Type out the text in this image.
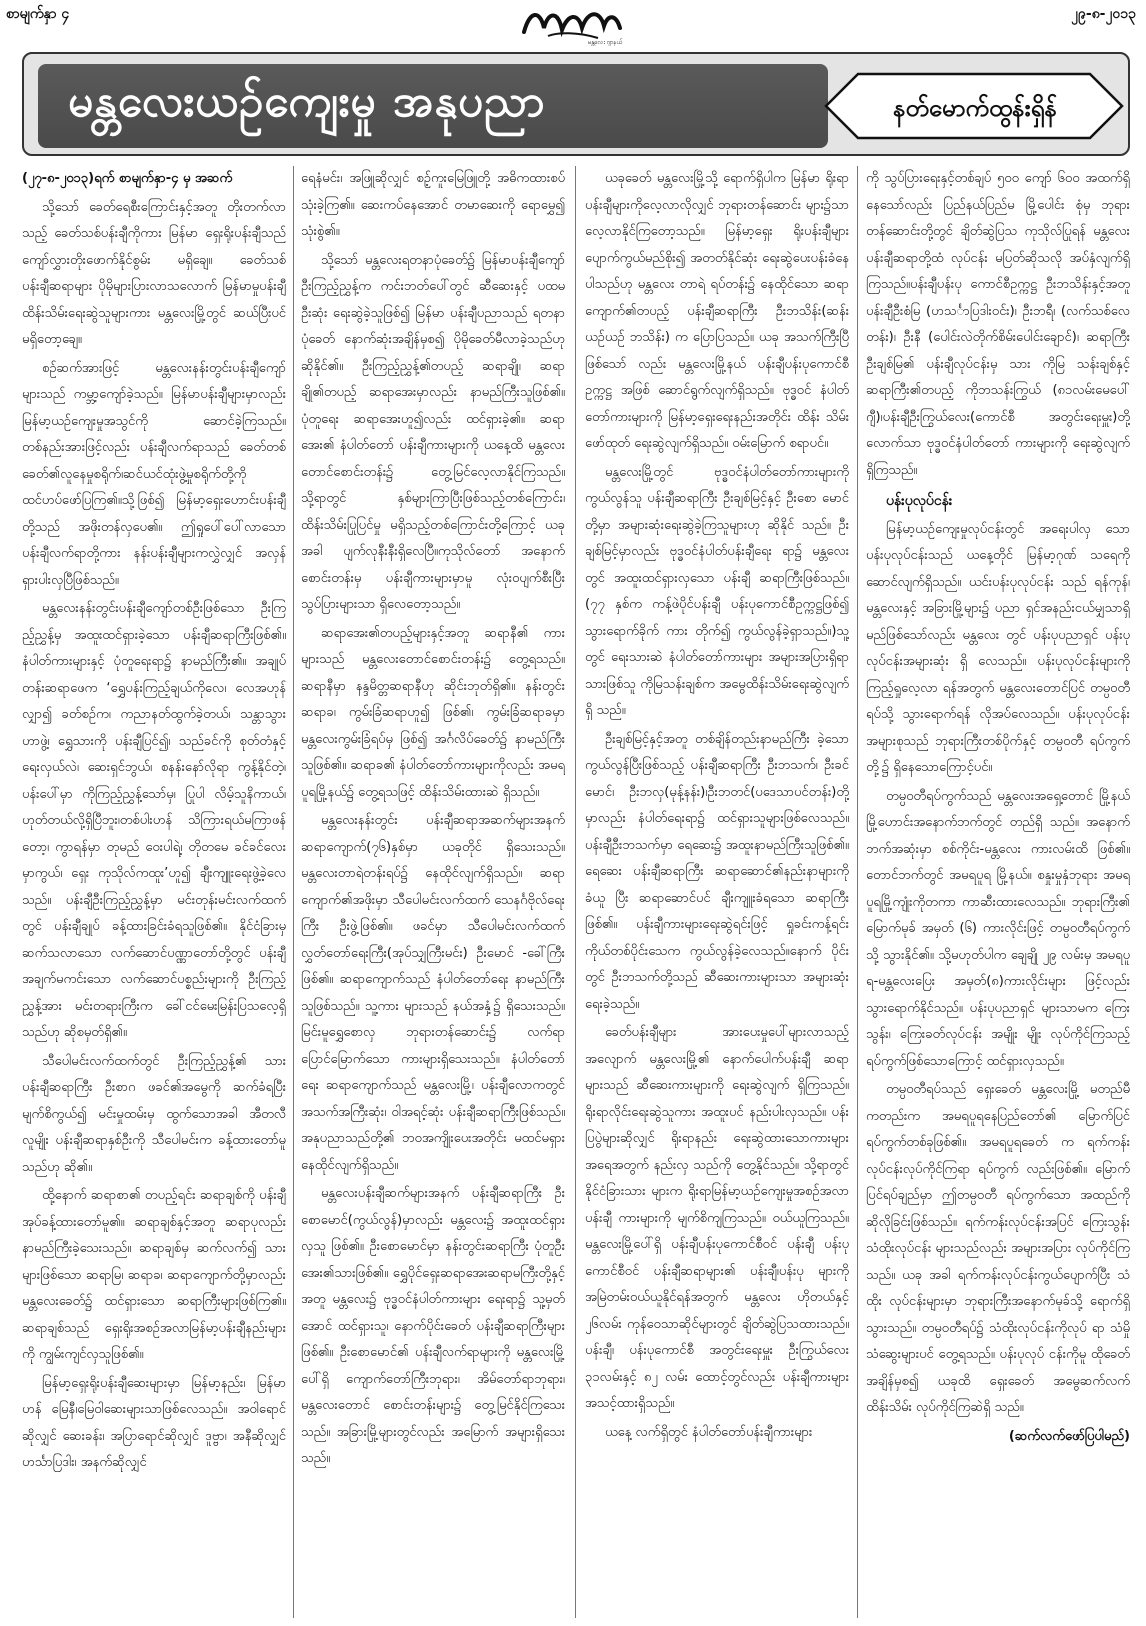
စာမျက်နှာ ၄
မန္တလေး ဂျာနယ်
၂၉-၈-၂၀၁၃
မန္တလေးယဉ်ကျေးမှု အနုပညာ	နတ်မောက်ထွန်းရှိန်

(၂၇-၈-၂၀၁၃)ရက် စာမျက်နှာ-၄ မှ အဆက်

သို့သော် ခေတ်ရေစီးကြောင်းနှင့်အတူ တိုးတက်လာသည့် ခေတ်သစ်ပန်းချီကိုကား မြန်မာ ရှေးရိုးပန်းချီသည် ကျော်လွှားတိုးဖောက်နိုင်စွမ်း မရှိချေ။ ခေတ်သစ်ပန်းချီဆရာများ ပိုမိုများပြားလာသလောက် မြန်မာမှုပန်းချီထိန်းသိမ်းရေးဆွဲသူများကား မန္တလေးမြို့တွင် ဆယ်ပြီးပင် မရှိတော့ချေ။

စဉ်ဆက်အားဖြင့် မန္တလေးနန်းတွင်းပန်းချီကျော်များသည် ကမ္ဘာ့ကျော်ခဲ့သည်။ မြန်မာပန်းချီများမှာလည်း မြန်မာ့ယဉ်ကျေးမှုအသွင်ကို ဆောင်ခဲ့ကြသည်။ တစ်နည်းအားဖြင့်လည်း ပန်းချီလက်ရာသည် ခေတ်တစ်ခေတ်၏လူနေမှုစရိုက်၊ဆင်ယင်ထုံးဖွဲ့မှုစရိုက်တို့ကို ထင်ဟပ်ဖော်ပြကြ၏။သို့ဖြစ်၍ မြန်မာ့ရှေးဟောင်းပန်းချီတို့သည် အဖိုးတန်လှပေ၏။ ဤရှုပေါ်ပေါ်လာသော ပန်းချီလက်ရာတို့ကား နန်းပန်းချီများကလွှဲလျှင် အလှန်ရှားပါးလှပြီဖြစ်သည်။

မန္တလေးနန်းတွင်းပန်းချီကျော်တစ်ဦးဖြစ်သော ဦးကြည့်ညွှန့်မှ အထူးထင်ရှားခဲ့သော ပန်းချီဆရာကြီးဖြစ်၏။ နံပါတ်ကားများနှင့် ပုံတူရေးရာ၌ နာမည်ကြီး၏။ အချုပ်တန်းဆရာဖေက ‘ရွှေပန်းကြည့်ချယ်ကိုလေ၊ လေအဟုန်လျှာ၍ ခတ်စဉ်က၊ ကညာနတ်ထွက်ခဲ့တယ်၊ သန္တာသွားဟာဖွဲ့၊ ရွှေသားကို ပန်းချီပြင်၍၊ သည်ခင်ကို စုတ်တံနှင့် ရေးလှယ်လဲ၊ ဆေးရှင်ဘွယ်၊ စနန်းနော်လိုရာ ကွန့်နိုင်တဲ့၊ ပန်းပေါ်မှာ ကိုကြည့်ညွှန့်သော်မှ၊ ပြုပါ လိမ့်သူနိကာယ်၊ဟုတ်တယ်လို့ရှိပြီဘူး၊တစ်ပါးဟန် သိကြားရယ်မကြာဖန်တော့၊ ကွာရန်မှာ တုမည် ဝေးပါရဲ့၊ တိုတမေ ခင်ခင်လေးမှာကွယ်၊ ရှေး ကုသိုလ်ကထူး’ဟူ၍ ချီးကျူးရေးဖွဲ့ခဲ့လေသည်။ ပန်းချီဦးကြည့်ညွှန့်မှာ မင်းတုန်းမင်းလက်ထက် တွင် ပန်းချီချုပ် ခန့်ထားခြင်းခံရသူဖြစ်၏။ နိုင်ငံခြားမှ ဆက်သလာသော လက်ဆောင်ပဏ္ဏာတော်တို့တွင် ပန်းချီအချက်မကင်းသော လက်ဆောင်ပစ္စည်းများကို ဦးကြည့်ညွှန့်အား မင်းတရားကြီးက ခေါ်ငင်မေးမြန်းပြသလေ့ရှိသည်ဟု ဆိုစမှတ်ရှိ၏။

သီပေါမင်းလက်ထက်တွင် ဦးကြည့်ညွှန့်၏ သား ပန်းချီဆရာကြီး ဦးစာဂ ဖခင်၏အမွေကို ဆက်ခံရပြီး မျက်စိကွယ်၍ မင်းမှုထမ်းမှ ထွက်သောအခါ အီတလီလူမျိုး ပန်းချီဆရာနှစ်ဦးကို သီပေါမင်းက ခန့်ထားတော်မူသည်ဟု ဆို၏။

ထို့နောက် ဆရာစာ၏ တပည့်ရင်း ဆရာချစ်ကို ပန်းချီအုပ်ခန့်ထားတော်မူ၏။ ဆရာချစ်နှင့်အတူ ဆရာပုလည်း နာမည်ကြီးခဲ့သေးသည်။ ဆရာချစ်မှ ဆက်လက်၍ သားများဖြစ်သော ဆရာမြ၊ ဆရာခ၊ ဆရာကျောက်တို့မှာလည်း မန္တလေးခေတ်၌ ထင်ရှားသော ဆရာကြီးများဖြစ်ကြ၏။ ဆရာချစ်သည် ရှေးရိုးအစဉ်အလာမြန်မာ့ပန်းချီနည်းများကို ကျွမ်းကျင်လှသူဖြစ်၏။

မြန်မာ့ရှေးရိုးပန်းချီဆေးများမှာ မြန်မာ့နည်း၊ မြန်မာဟန် မြေနီ၊မြေဝါဆေးများသာဖြစ်လေသည်။ အဝါရောင်ဆိုလျှင် ဆေးခန်း၊ အပြာရောင်ဆိုလျှင် ဒူဗ္ဗာ၊ အနီဆိုလျှင် ဟင်္သာပြဒါး၊ အနက်ဆိုလျှင်

ရေနံမင်း၊ အဖြူဆိုလျှင် စဉ့်ကူးမြေဖြူတို့ အဓိကထားစပ်သုံးခဲ့ကြ၏။ ဆေးကပ်နေအောင် တမာဆေးကို ရောမွှေ၍ သုံးစွဲ၏။

သို့သော် မန္တလေးရတနာပုံခေတ်၌ မြန်မာပန်းချီကျော်ဦးကြည့်ညွှန့်က ကင်းဘတ်ပေါ်တွင် ဆီဆေးနှင့် ပထမဦးဆုံး ရေးဆွဲခဲ့သူဖြစ်၍ မြန်မာ ပန်းချီပညာသည် ရတနာပုံခေတ် နောက်ဆုံးအချိန်မှစ၍ ပိုမိုခေတ်မီလာခဲ့သည်ဟု ဆိုနိုင်၏။ ဦးကြည့်ညွှန့်၏တပည့် ဆရာချို၊ ဆရာချို၏တပည့် ဆရာအေးမှာလည်း နာမည်ကြီးသူဖြစ်၏။ ပုံတူရေး ဆရာအေးဟူ၍လည်း ထင်ရှားခဲ့၏။ ဆရာအေး၏ နံပါတ်တော် ပန်းချီကားများကို ယနေ့ထိ မန္တလေးတောင်စောင်းတန်း၌ တွေ့မြင်လေ့လာနိုင်ကြသည်။ သို့ရာတွင် နှစ်များကြာပြီးဖြစ်သည့်တစ်ကြောင်း၊ ထိန်းသိမ်းပြုပြင်မှု မရှိသည့်တစ်ကြောင်းတို့ကြောင့် ယခုအခါ ပျက်လုနီးနီးရှိလေပြီ။ကုသိုလ်တော် အနောက်စောင်းတန်းမှ ပန်းချီကားများမှာမူ လုံးဝပျက်စီးပြီး သွပ်ပြားများသာ ရှိလေတော့သည်။

ဆရာအေး၏တပည့်များနှင့်အတူ ဆရာနီ၏ ကားများသည် မန္တလေးတောင်စောင်းတန်း၌ တွေ့ရသည်။ ဆရာနီမှာ နန္ဒမိတ္တဆရာနီဟု ဆိုင်းဘုတ်ရှိ၏။ နန်းတွင်းဆရာခ၊ ကွမ်းခြံဆရာဟူ၍ ဖြစ်၏၊ ကွမ်းခြံဆရာခမှာ မန္တလေးကွမ်းခြံရပ်မှ ဖြစ်၍ အင်္ဂလိပ်ခေတ်၌ နာမည်ကြီးသူဖြစ်၏။ ဆရာခ၏ နံပါတ်တော်ကားများကိုလည်း အမရပူရမြို့နယ်၌ တွေ့ရသဖြင့် ထိန်းသိမ်းထားဆဲ ရှိသည်။

မန္တလေးနန်းတွင်း ပန်းချီဆရာအဆက်များအနက် ဆရာကျောက်(၇၆)နှစ်မှာ ယခုတိုင် ရှိသေးသည်။ မန္တလေးတာရဲတန်းရပ်၌ နေထိုင်လျက်ရှိသည်။ ဆရာကျောက်၏အဖိုးမှာ သီပေါမင်းလက်ထက် သေနင်္ဂဗိုလ်ရေးကြီး ဦးဖွဲ့ဖြစ်၏။ ဖခင်မှာ သီပေါမင်းလက်ထက် လွှတ်တော်ရေးကြီး(အုပ်သျှကြီးမင်း) ဦးမောင် -ခေါ်ကြီးဖြစ်၏။ ဆရာကျောက်သည် နံပါတ်တော်ရေး နာမည်ကြီးသူဖြစ်သည်။ သူ့ကား များသည် နယ်အနှံ့၌ ရှိသေးသည်။မြင်းမူရွှေစောလှ ဘုရားတန်ဆောင်း၌ လက်ရာပြောင်မြောက်သော ကားများရှိသေးသည်။ နံပါတ်တော်ရေး ဆရာကျောက်သည် မန္တလေးမြို့၊ ပန်းချီလောကတွင် အသက်အကြီးဆုံး၊ ဝါအရင့်ဆုံး ပန်းချီဆရာကြီးဖြစ်သည်။ အနုပညာသည်တို့၏ ဘဝအကျိုးပေးအတိုင်း မထင်မရှား နေထိုင်လျက်ရှိသည်။

မန္တလေးပန်းချီဆက်များအနက် ပန်းချီဆရာကြီး ဦးစောမောင်(ကွယ်လွန်)မှာလည်း မန္တလေး၌ အထူးထင်ရှားလှသူ ဖြစ်၏။ ဦးစောမောင်မှာ နန်းတွင်းဆရာကြီး ပုံတူဦးအေး၏သားဖြစ်၏။ ရွှေပိုင်ရှေးဆရာအေးဆရာမကြီးတို့နှင့်အတူ မန္တလေး၌ ဗုဒ္ဓဝင်နံပါတ်ကားများ ရေးရာ၌ သူ့မှတ်အောင် ထင်ရှားသူ၊ နောက်ပိုင်းခေတ် ပန်းချီဆရာကြီးများ ဖြစ်၏။ ဦးစောမောင်၏ ပန်းချီလက်ရာများကို မန္တလေးမြို့ ပေါ်ရှိ ကျောက်တော်ကြီးဘုရား၊ အိမ်တော်ရာဘုရား၊ မန္တလေးတောင် စောင်းတန်းများ၌ တွေ့မြင်နိုင်ကြသေးသည်။ အခြားမြို့များတွင်လည်း အမြောက် အများရှိသေးသည်။

ယခုခေတ် မန္တလေးမြို့သို့ ရောက်ရှိပါက မြန်မာ ရိုးရာပန်းချီများကိုလေ့လာလိုလျှင် ဘုရားတန်ဆောင်း များ၌သာ လေ့လာနိုင်ကြတော့သည်။ မြန်မာ့ရှေး ရိုးပန်းချီများ ပျောက်ကွယ်မည်စိုး၍ အတတ်နိုင်ဆုံး ရေးဆွဲပေးပန်းခံနေပါသည်ဟု မန္တလေး တာရဲ ရပ်တန်း၌ နေထိုင်သော ဆရာကျောက်၏တပည့် ပန်းချီဆရာကြီး ဦးဘသိန်း(ဆန်းယဉ်ယဉ် ဘသိန်း) က ပြောပြသည်။ ယခု အသက်ကြီးပြီဖြစ်သော် လည်း မန္တလေးမြို့နယ် ပန်းချီပန်းပုကောင်စီ ဥက္ကဋ္ဌ အဖြစ် ဆောင်ရွက်လျက်ရှိသည်။ ဗုဒ္ဓဝင် နံပါတ် တော်ကားများကို မြန်မာ့ရှေးရေးနည်းအတိုင်း ထိန်း သိမ်းဖော်ထုတ် ရေးဆွဲလျက်ရှိသည်။ ဝမ်းမြောက် စရာပင်။

မန္တလေးမြို့တွင် ဗုဒ္ဓဝင်နံပါတ်တော်ကားများကို ကွယ်လွန်သူ ပန်းချီဆရာကြီး ဦးချစ်မြင့်နှင့် ဦးစော မောင်တို့မှာ အများဆုံးရေးဆွဲခဲ့ကြသူများဟု ဆိုနိုင် သည်။ ဦးချစ်မြင့်မှာလည်း ဗုဒ္ဓဝင်နံပါတ်ပန်းချီရေး ရာ၌ မန္တလေးတွင် အထူးထင်ရှားလှသော ပန်းချီ ဆရာကြီးဖြစ်သည်။ (၇၇ နှစ်က ကန့်ဖဲပိုင်ပန်းချီ ပန်းပုကောင်စီဥက္ကဋ္ဌဖြစ်၍ သွားရောက်ခိုက် ကား တိုက်၍ ကွယ်လွန်ခဲ့ရှာသည်။)သူ့တွင် ရေးသားဆဲ နံပါတ်တော်ကားများ အများအပြားရှိရာ သားဖြစ်သူ ကိုမြသန်းချစ်က အမွေထိန်းသိမ်းရေးဆွဲလျက်ရှိ သည်။

ဦးချစ်မြင့်နှင့်အတူ တစ်ချိန်တည်းနာမည်ကြီး ခဲ့သော ကွယ်လွန်ပြီးဖြစ်သည့် ပန်းချီဆရာကြီး ဦးဘသက်၊ ဦးခင်မောင်၊ ဦးဘလှ(မုန့်နန်း)၊ဦးဘတင်(ပဒေသာပင်တန်း)တို့မှာလည်း နံပါတ်ရေးရာ၌ ထင်ရှားသူများဖြစ်လေသည်။ ပန်းချီဦးဘသက်မှာ ရေဆေး၌ အထူးနာမည်ကြီးသူဖြစ်၏။ ရေဆေး ပန်းချီဆရာကြီး ဆရာဆောင်၏နည်းနာများကို ခံယူ ပြီး ဆရာဆောင်ပင် ချီးကျူးခံရသော ဆရာကြီး ဖြစ်၏။ ပန်းချီကားများရေးဆွဲရင်းဖြင့် ရှုခင်းကန့်ရင်း ကိုယ်တစ်ပိုင်းသေက ကွယ်လွန်ခဲ့လေသည်။နောက် ပိုင်းတွင် ဦးဘသက်တို့သည် ဆီဆေးကားများသာ အများဆုံး ရေးခဲ့သည်။

ခေတ်ပန်းချီများ အားပေးမှုပေါ်များလာသည့် အလျောက် မန္တလေးမြို့၏ နောက်ပေါက်ပန်းချီ ဆရာများသည် ဆီဆေးကားများကို ရေးဆွဲလျက် ရှိကြသည်။ ရိုးရာလိုင်းရေးဆွဲသူကား အထူးပင် နည်းပါးလှသည်။ ပန်းပြပွဲများဆိုလျှင် ရိုးရာနည်း ရေးဆွဲထားသောကားများ အရေအတွက် နည်းလှ သည်ကို တွေ့နိုင်သည်။ သို့ရာတွင် နိုင်ငံခြားသား များက ရိုးရာမြန်မာ့ယဉ်ကျေးမှုအစဉ်အလာပန်းချီ ကားများကို မျက်စိကျကြသည်။ ဝယ်ယူကြသည်။ မန္တလေးမြို့ပေါ်ရှိ ပန်းချီပန်းပုကောင်စီဝင် ပန်းချီ ပန်းပုကောင်စီဝင် ပန်းချီဆရာများ၏ ပန်းချီ၊ပန်းပု များကို အမြဲတမ်းဝယ်ယူနိုင်ရန်အတွက် မန္တလေး ဟိုတယ်နှင့် ၂၆လမ်း ကုန်ဝေသာဆိုင်များတွင် ချိတ်ဆွဲပြသထားသည်။ ပန်းချီ၊ ပန်းပုကောင်စီ အတွင်းရေးမှူး ဦးကြွယ်လေး ၃၁လမ်းနှင့် ၈၂ လမ်း ထောင့်တွင်လည်း ပန်းချီကားများ အသင့်ထားရှိသည်။

ယနေ့ လက်ရှိတွင် နံပါတ်တော်ပန်းချီကားများ

ကို သွပ်ပြားရေးနှင့်တစ်ချပ် ၅၀၀ ကျော် ၆၀၀ အထက်ရှိနေသော်လည်း ပြည်နယ်ပြည်မ မြို့ပေါင်း စုံမှ ဘုရားတန်ဆောင်းတို့တွင် ချိတ်ဆွဲပြသ ကုသိုလ်ပြုရန် မန္တလေးပန်းချီဆရာတို့ထံ လုပ်ငန်း မပြတ်ဆိုသလို အပ်နှံလျက်ရှိကြသည်။ပန်းချီပန်းပု ကောင်စီဥက္ကဋ္ဌ ဦးဘသိန်းနှင့်အတူ ပန်းချီဦးစံမြ (ဟသင်္ာပြဒါးဝင်း)၊ ဦးဘရီ၊ (လက်သစ်လေ တန်း)၊ ဦးနီ (ပေါင်းလဲတိုက်စိမ်းပေါင်းချောင်)၊ ဆရာကြီး ဦးချစ်မြ၏ ပန်းချီလုပ်ငန်းမှ သား ကိုမြ သန်းချစ်နှင့် ဆရာကြီး၏တပည့် ကိုဘသန်းကြွယ် (၈၁လမ်းမေပေါ်ဂျီ)၊ပန်းချီဦးကြွယ်လေး(ကောင်စီ အတွင်းရေးမှူး)တို့လောက်သာ ဗုဒ္ဓဝင်နံပါတ်တော် ကားများကို ရေးဆွဲလျက်ရှိကြသည်။

ပန်းပုလုပ်ငန်း

မြန်မာ့ယဉ်ကျေးမှုလုပ်ငန်းတွင် အရေးပါလှ သော ပန်းပုလုပ်ငန်းသည် ယနေ့တိုင် မြန်မာ့ဂုဏ် သရေကို ဆောင်လျက်ရှိသည်။ ယင်းပန်းပုလုပ်ငန်း သည် ရန်ကုန်၊ မန္တလေးနှင့် အခြားမြို့များ၌ ပညာ ရှင်အနည်းငယ်မျှသာရှိမည်ဖြစ်သော်လည်း မန္တလေး တွင် ပန်းပုပညာရှင် ပန်းပုလုပ်ငန်းအများဆုံး ရှိ လေသည်။ ပန်းပုလုပ်ငန်းများကို ကြည့်ရှုလေ့လာ ရန်အတွက် မန္တလေးတောင်ပြင် တမ္ပဝတီရပ်သို့ သွားရောက်ရန် လိုအပ်လေသည်။ ပန်းပုလုပ်ငန်း အများစုသည် ဘုရားကြီးတစ်ပိုက်နှင့် တမ္ပဝတီ ရပ်ကွက်တို့၌ ရှိနေသောကြောင့်ပင်။

တမ္ပဝတီရပ်ကွက်သည် မန္တလေးအရှေ့တောင် မြို့နယ် မြို့ဟောင်းအနောက်ဘက်တွင် တည်ရှိ သည်။ အနောက်ဘက်အဆုံးမှာ စစ်ကိုင်း-မန္တလေး ကားလမ်းထိ ဖြစ်၏။ တောင်ဘက်တွင် အမရပူရ မြို့နယ်။ စနှုးမှုနှံဘုရား အမရပူရမြို့ကျုံးကိုတကာ ကာဆီးထားလေသည်။ ဘုရားကြီး၏ မြောက်မုခ် အမှတ် (၆) ကားလိုင်းဖြင့် တမ္ပဝတီရပ်ကွက်သို့ သွားနိုင်၏။ သို့မဟုတ်ပါက ချေချို ၂၉ လမ်းမှ အမရပူရ-မန္တလေးပြေး အမှတ်(၈)ကားလိုင်းများ ဖြင့်လည်း သွားရောက်နိုင်သည်။ ပန်းပုပညာရှင် များသာမက ကြေးသွန်း၊ ကြေးခတ်လုပ်ငန်း အမျိုး မျိုး လုပ်ကိုင်ကြသည့် ရပ်ကွက်ဖြစ်သောကြောင့် ထင်ရှားလှသည်။

တမ္ပဝတီရပ်သည် ရှေးခေတ် မန္တလေးမြို့ မတည်မီကတည်းက အမရပူရနေပြည်တော်၏ မြောက်ပြင်ရပ်ကွက်တစ်ခုဖြစ်၏။ အမရပူရခေတ် က ရက်ကန်းလုပ်ငန်းလုပ်ကိုင်ကြရာ ရပ်ကွက် လည်းဖြစ်၏။ မြောက်ပြင်ရပ်ချည်မှာ ဤတမ္ပဝတီ ရပ်ကွက်သော အထည်ကို ဆိုလိုခြင်းဖြစ်သည်။ ရက်ကန်းလုပ်ငန်းအပြင် ကြေးသွန်းသံထိုးလုပ်ငန်း များသည်လည်း အများအပြား လုပ်ကိုင်ကြသည်။ ယခု အခါ ရက်ကန်းလုပ်ငန်းကွယ်ပျောက်ပြီး သံထိုး လုပ်ငန်းများမှာ ဘုရားကြီးအနောက်မုခ်သို့ ရောက်ရှိ သွားသည်။ တမ္ပဝတီရပ်၌ သံထိုးလုပ်ငန်းကိုလုပ် ရာ သံမှိုသံဆွေးများပင် တွေ့ရသည်။ ပန်းပုလုပ် ငန်းကိုမူ ထိုခေတ်အချိန်မှစ၍ ယခုထိ ရှေးခေတ် အမွေဆက်လက်ထိန်းသိမ်း လုပ်ကိုင်ကြဆဲရှိ သည်။

(ဆက်လက်ဖော်ပြပါမည်)
